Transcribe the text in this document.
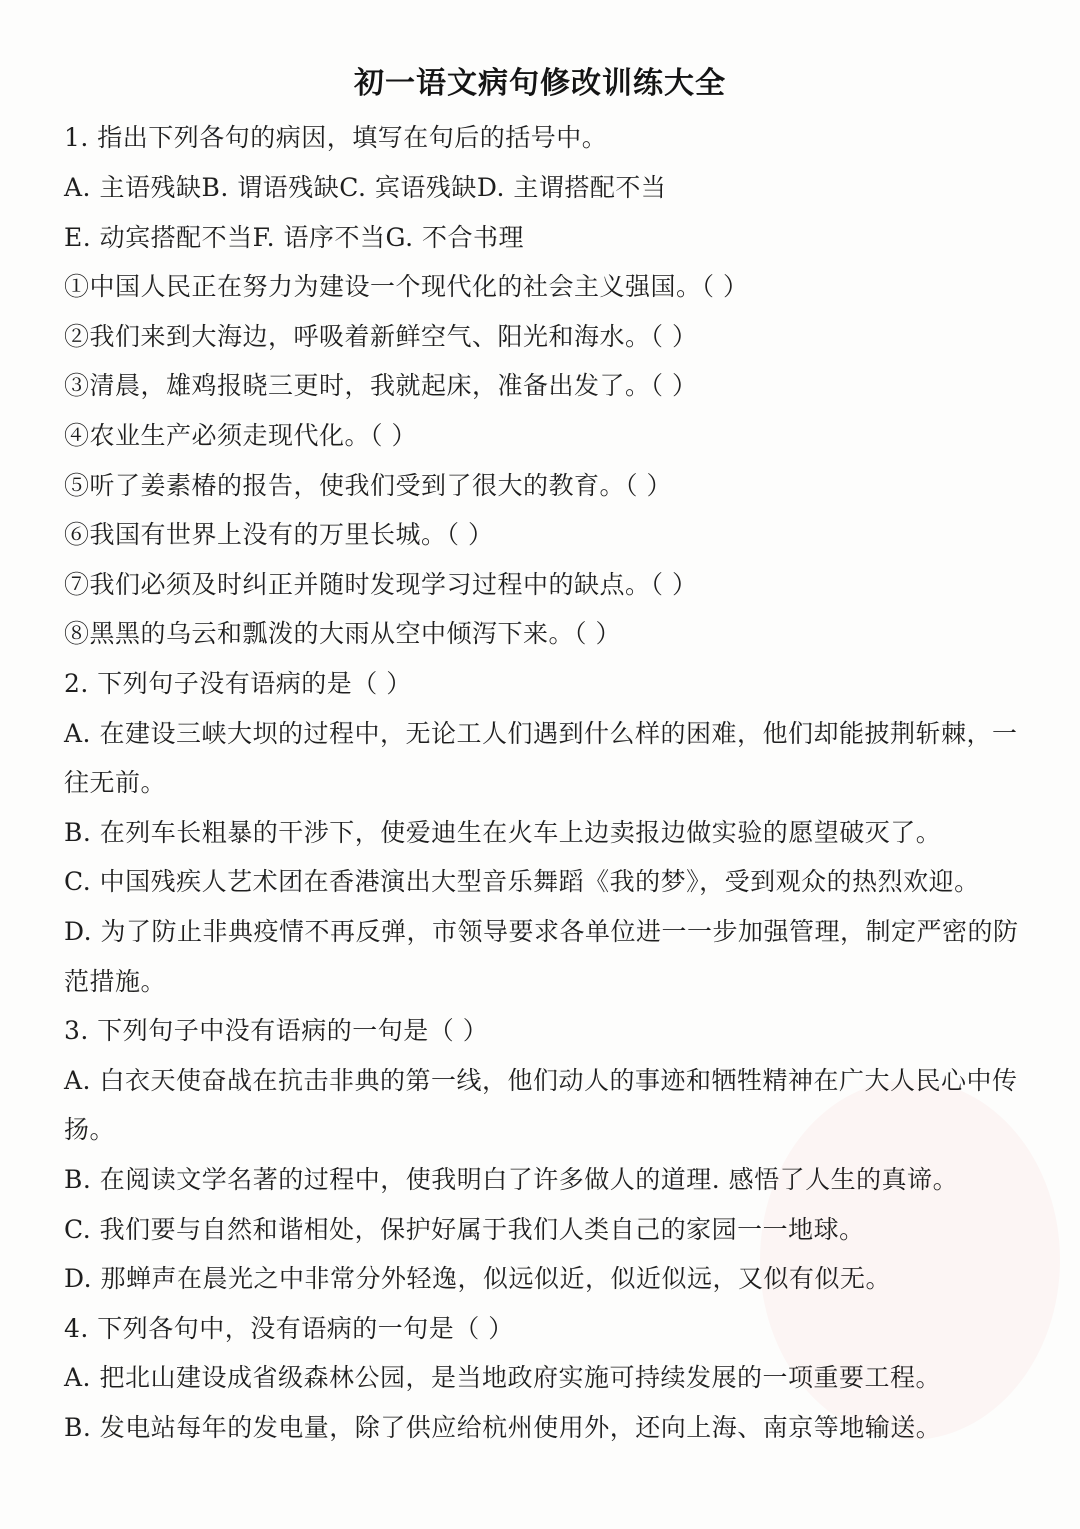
初一语文病句修改训练大全
1. 指出下列各句的病因，填写在句后的括号中。
A. 主语残缺B. 谓语残缺C. 宾语残缺D. 主谓搭配不当
E. 动宾搭配不当F. 语序不当G. 不合书理
①中国人民正在努力为建设一个现代化的社会主义强国。（ ）
②我们来到大海边，呼吸着新鲜空气、阳光和海水。（ ）
③清晨，雄鸡报晓三更时，我就起床，准备出发了。（ ）
④农业生产必须走现代化。（ ）
⑤听了姜素椿的报告，使我们受到了很大的教育。（ ）
⑥我国有世界上没有的万里长城。（ ）
⑦我们必须及时纠正并随时发现学习过程中的缺点。（ ）
⑧黑黑的乌云和瓢泼的大雨从空中倾泻下来。（ ）
2. 下列句子没有语病的是（ ）
A. 在建设三峡大坝的过程中，无论工人们遇到什么样的困难，他们却能披荆斩棘，一
往无前。
B. 在列车长粗暴的干涉下，使爱迪生在火车上边卖报边做实验的愿望破灭了。
C. 中国残疾人艺术团在香港演出大型音乐舞蹈《我的梦》，受到观众的热烈欢迎。
D. 为了防止非典疫情不再反弹，市领导要求各单位进一一步加强管理，制定严密的防
范措施。
3. 下列句子中没有语病的一句是（ ）
A. 白衣天使奋战在抗击非典的第一线，他们动人的事迹和牺牲精神在广大人民心中传
扬。
B. 在阅读文学名著的过程中，使我明白了许多做人的道理. 感悟了人生的真谛。
C. 我们要与自然和谐相处，保护好属于我们人类自己的家园一一地球。
D. 那蝉声在晨光之中非常分外轻逸，似远似近，似近似远，又似有似无。
4. 下列各句中，没有语病的一句是（ ）
A. 把北山建设成省级森林公园，是当地政府实施可持续发展的一项重要工程。
B. 发电站每年的发电量，除了供应给杭州使用外，还向上海、南京等地输送。
